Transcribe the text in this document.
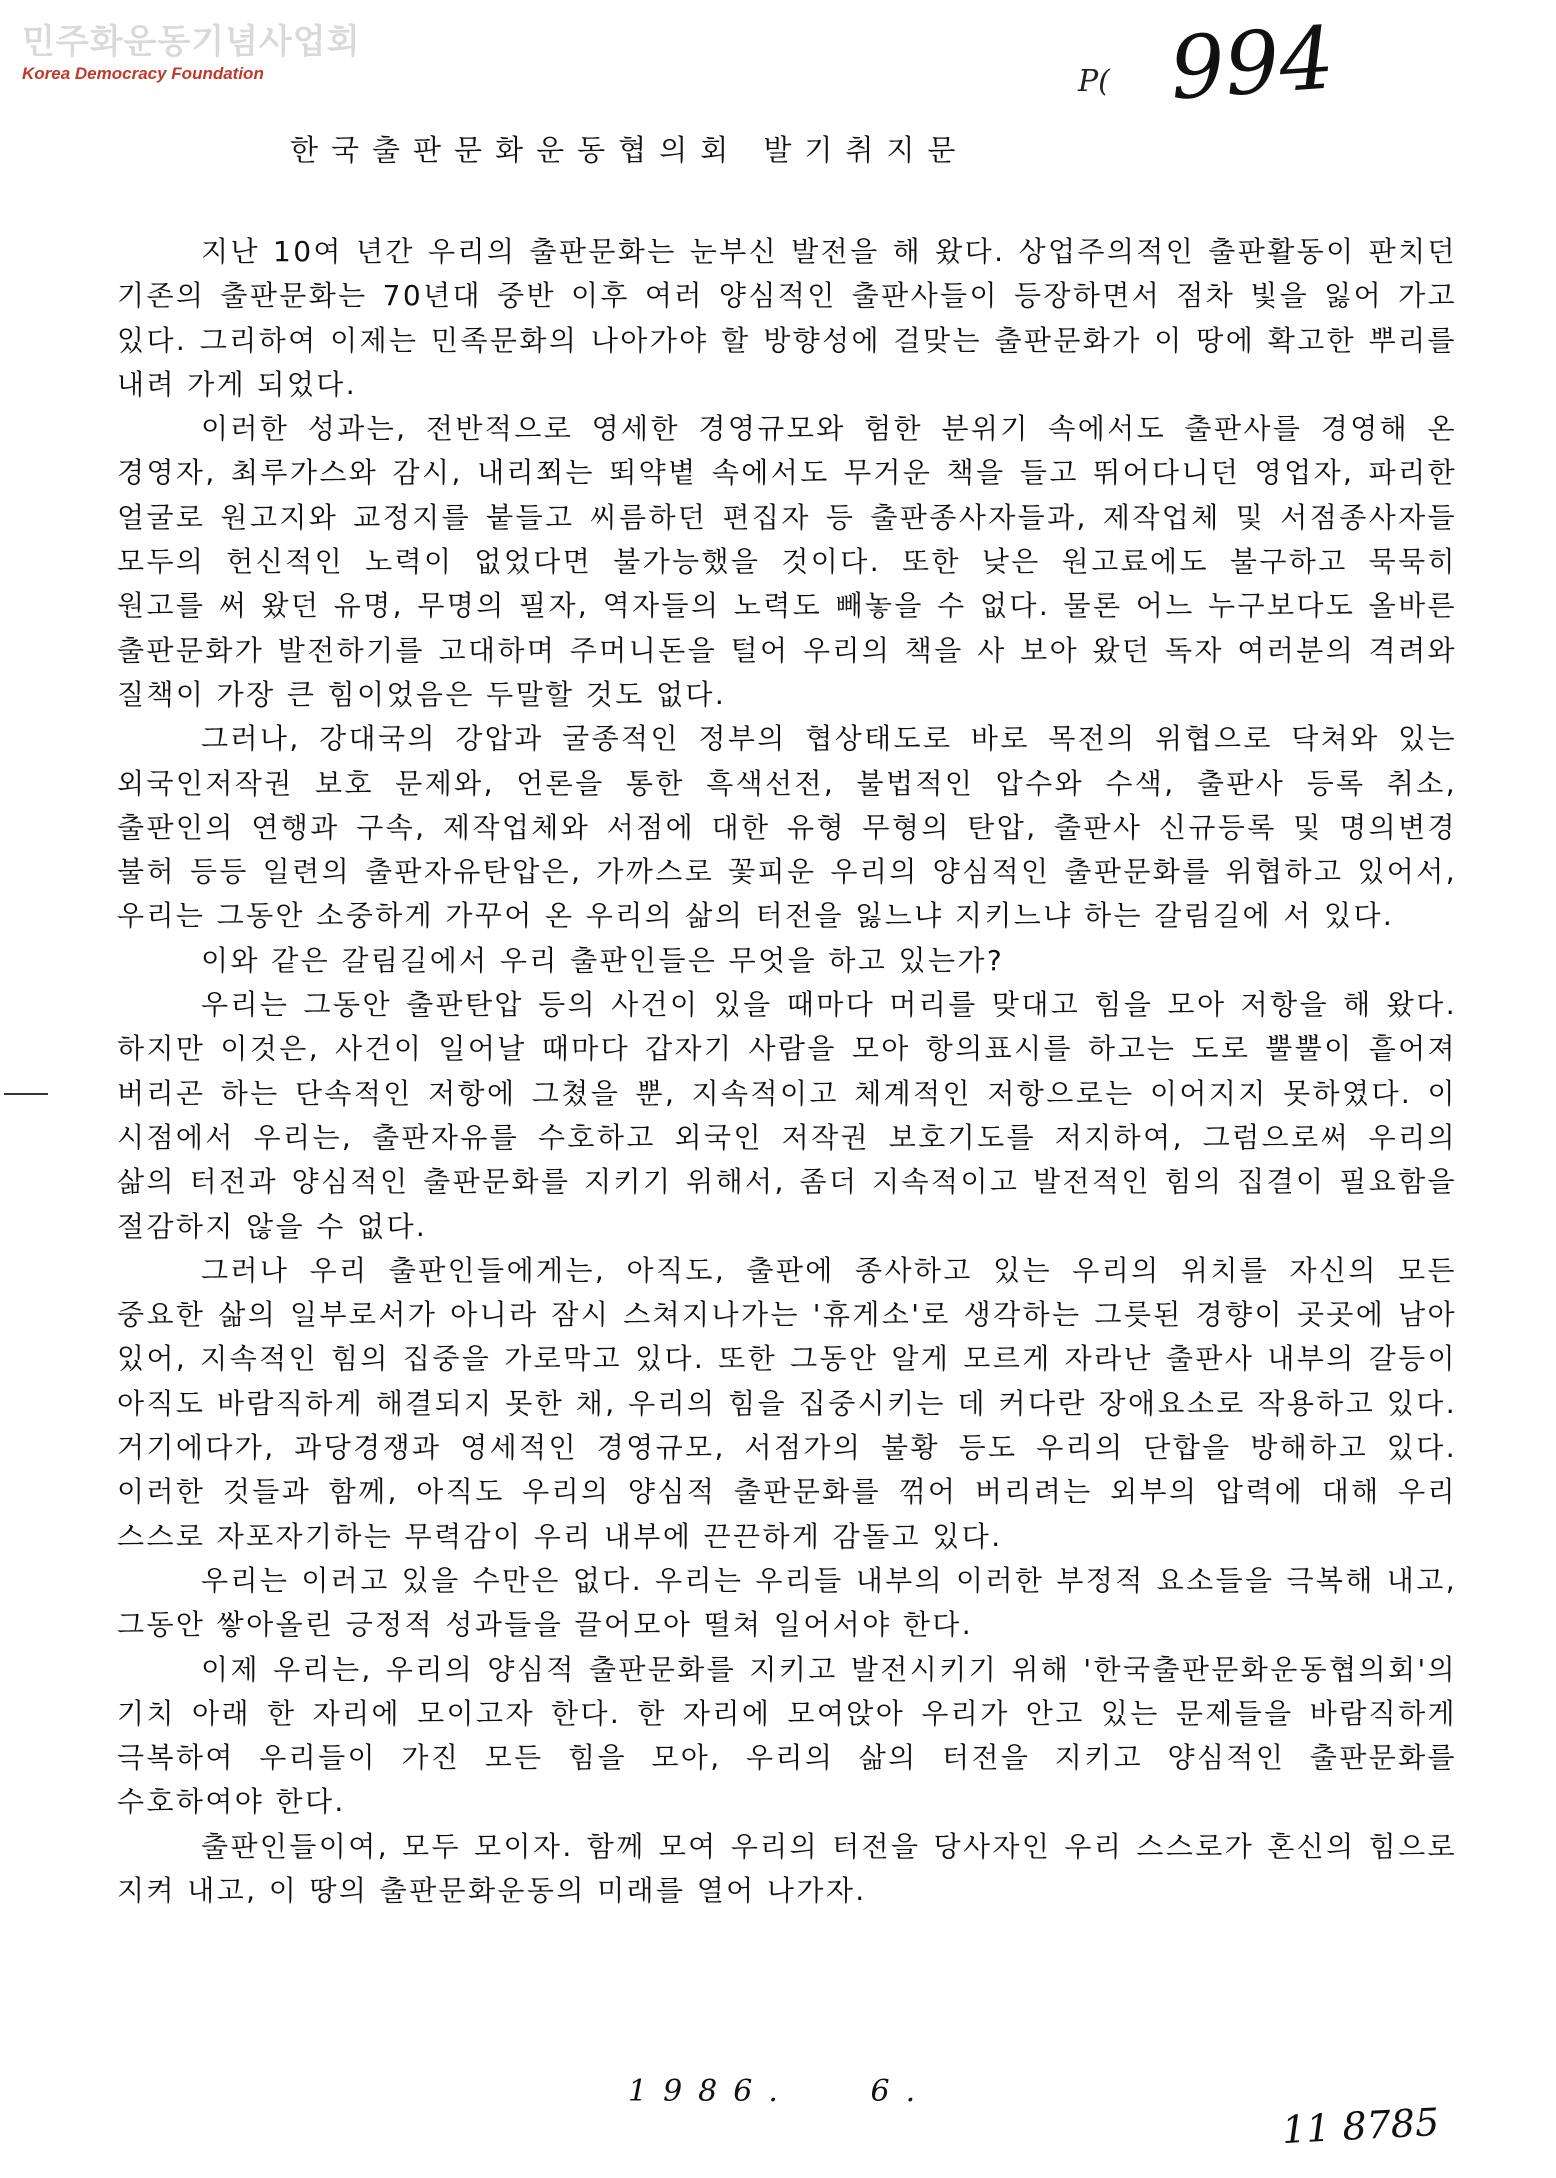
민주화운동기념사업회
Korea Democracy Foundation	P( 994
한국출판문화운동협의회 발기취지문

지난 10여 년간 우리의 출판문화는 눈부신 발전을 해 왔다. 상업주의적인 출판활동이 판치던 기존의 출판문화는 70년대 중반 이후 여러 양심적인 출판사들이 등장하면서 점차 빛을 잃어 가고 있다. 그리하여 이제는 민족문화의 나아가야 할 방향성에 걸맞는 출판문화가 이 땅에 확고한 뿌리를 내려 가게 되었다.

이러한 성과는, 전반적으로 영세한 경영규모와 험한 분위기 속에서도 출판사를 경영해 온 경영자, 최루가스와 감시, 내리쬐는 뙤약볕 속에서도 무거운 책을 들고 뛰어다니던 영업자, 파리한 얼굴로 원고지와 교정지를 붙들고 씨름하던 편집자 등 출판종사자들과, 제작업체 및 서점종사자들 모두의 헌신적인 노력이 없었다면 불가능했을 것이다. 또한 낮은 원고료에도 불구하고 묵묵히 원고를 써 왔던 유명, 무명의 필자, 역자들의 노력도 빼놓을 수 없다. 물론 어느 누구보다도 올바른 출판문화가 발전하기를 고대하며 주머니돈을 털어 우리의 책을 사 보아 왔던 독자 여러분의 격려와 질책이 가장 큰 힘이었음은 두말할 것도 없다.

그러나, 강대국의 강압과 굴종적인 정부의 협상태도로 바로 목전의 위협으로 닥쳐와 있는 외국인저작권 보호 문제와, 언론을 통한 흑색선전, 불법적인 압수와 수색, 출판사 등록 취소, 출판인의 연행과 구속, 제작업체와 서점에 대한 유형 무형의 탄압, 출판사 신규등록 및 명의변경 불허 등등 일련의 출판자유탄압은, 가까스로 꽃피운 우리의 양심적인 출판문화를 위협하고 있어서, 우리는 그동안 소중하게 가꾸어 온 우리의 삶의 터전을 잃느냐 지키느냐 하는 갈림길에 서 있다.

이와 같은 갈림길에서 우리 출판인들은 무엇을 하고 있는가?

우리는 그동안 출판탄압 등의 사건이 있을 때마다 머리를 맞대고 힘을 모아 저항을 해 왔다. 하지만 이것은, 사건이 일어날 때마다 갑자기 사람을 모아 항의표시를 하고는 도로 뿔뿔이 흩어져 버리곤 하는 단속적인 저항에 그쳤을 뿐, 지속적이고 체계적인 저항으로는 이어지지 못하였다. 이 시점에서 우리는, 출판자유를 수호하고 외국인 저작권 보호기도를 저지하여, 그럼으로써 우리의 삶의 터전과 양심적인 출판문화를 지키기 위해서, 좀더 지속적이고 발전적인 힘의 집결이 필요함을 절감하지 않을 수 없다.

그러나 우리 출판인들에게는, 아직도, 출판에 종사하고 있는 우리의 위치를 자신의 모든 중요한 삶의 일부로서가 아니라 잠시 스쳐지나가는 '휴게소'로 생각하는 그릇된 경향이 곳곳에 남아 있어, 지속적인 힘의 집중을 가로막고 있다. 또한 그동안 알게 모르게 자라난 출판사 내부의 갈등이 아직도 바람직하게 해결되지 못한 채, 우리의 힘을 집중시키는 데 커다란 장애요소로 작용하고 있다. 거기에다가, 과당경쟁과 영세적인 경영규모, 서점가의 불황 등도 우리의 단합을 방해하고 있다. 이러한 것들과 함께, 아직도 우리의 양심적 출판문화를 꺾어 버리려는 외부의 압력에 대해 우리 스스로 자포자기하는 무력감이 우리 내부에 끈끈하게 감돌고 있다.

우리는 이러고 있을 수만은 없다. 우리는 우리들 내부의 이러한 부정적 요소들을 극복해 내고, 그동안 쌓아올린 긍정적 성과들을 끌어모아 떨쳐 일어서야 한다.

이제 우리는, 우리의 양심적 출판문화를 지키고 발전시키기 위해 '한국출판문화운동협의회'의 기치 아래 한 자리에 모이고자 한다. 한 자리에 모여앉아 우리가 안고 있는 문제들을 바람직하게 극복하여 우리들이 가진 모든 힘을 모아, 우리의 삶의 터전을 지키고 양심적인 출판문화를 수호하여야 한다.

출판인들이여, 모두 모이자. 함께 모여 우리의 터전을 당사자인 우리 스스로가 혼신의 힘으로 지켜 내고, 이 땅의 출판문화운동의 미래를 열어 나가자.

1986.   6.
11 8785
